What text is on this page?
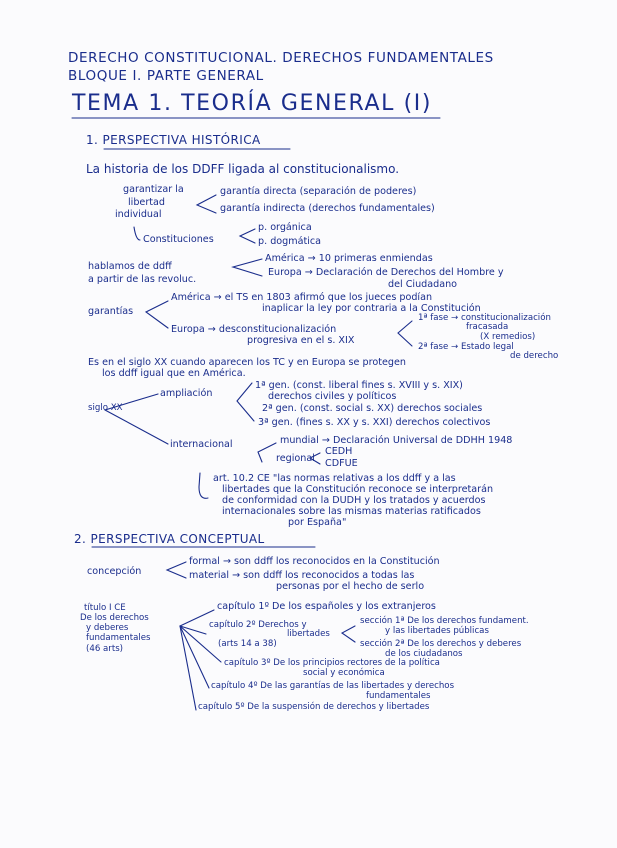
DERECHO CONSTITUCIONAL. DERECHOS FUNDAMENTALES
BLOQUE I. PARTE GENERAL
TEMA 1. TEORÍA GENERAL (I)
1. PERSPECTIVA HISTÓRICA
La historia de los DDFF ligada al constitucionalismo.
garantizar la
libertad
individual
garantía directa (separación de poderes)
garantía indirecta (derechos fundamentales)
Constituciones
p. orgánica
p. dogmática
hablamos de ddff
a partir de las revoluc.
América → 10 primeras enmiendas
Europa → Declaración de Derechos del Hombre y
del Ciudadano
garantías
América → el TS en 1803 afirmó que los jueces podían
inaplicar la ley por contraria a la Constitución
Europa → desconstitucionalización
progresiva en el s. XIX
1ª fase → constitucionalización
fracasada
(X remedios)
2ª fase → Estado legal
de derecho
Es en el siglo XX cuando aparecen los TC y en Europa se protegen
los ddff igual que en América.
siglo XX
ampliación
1ª gen. (const. liberal fines s. XVIII y s. XIX)
derechos civiles y políticos
2ª gen. (const. social s. XX) derechos sociales
3ª gen. (fines s. XX y s. XXI) derechos colectivos
internacional	mundial → Declaración Universal de DDHH 1948
regional
CEDH
CDFUE
art. 10.2 CE "las normas relativas a los ddff y a las
libertades que la Constitución reconoce se interpretarán
de conformidad con la DUDH y los tratados y acuerdos
internacionales sobre las mismas materias ratificados
por España"
2. PERSPECTIVA CONCEPTUAL
concepción
formal → son ddff los reconocidos en la Constitución
material → son ddff los reconocidos a todas las
personas por el hecho de serlo
título I CE
De los derechos
y deberes
fundamentales
(46 arts)
capítulo 1º De los españoles y los extranjeros
capítulo 2º Derechos y
libertades
(arts 14 a 38)
sección 1ª De los derechos fundament.
y las libertades públicas
sección 2ª De los derechos y deberes
de los ciudadanos
capítulo 3º De los principios rectores de la política
social y económica
capítulo 4º De las garantías de las libertades y derechos
fundamentales
capítulo 5º De la suspensión de derechos y libertades
